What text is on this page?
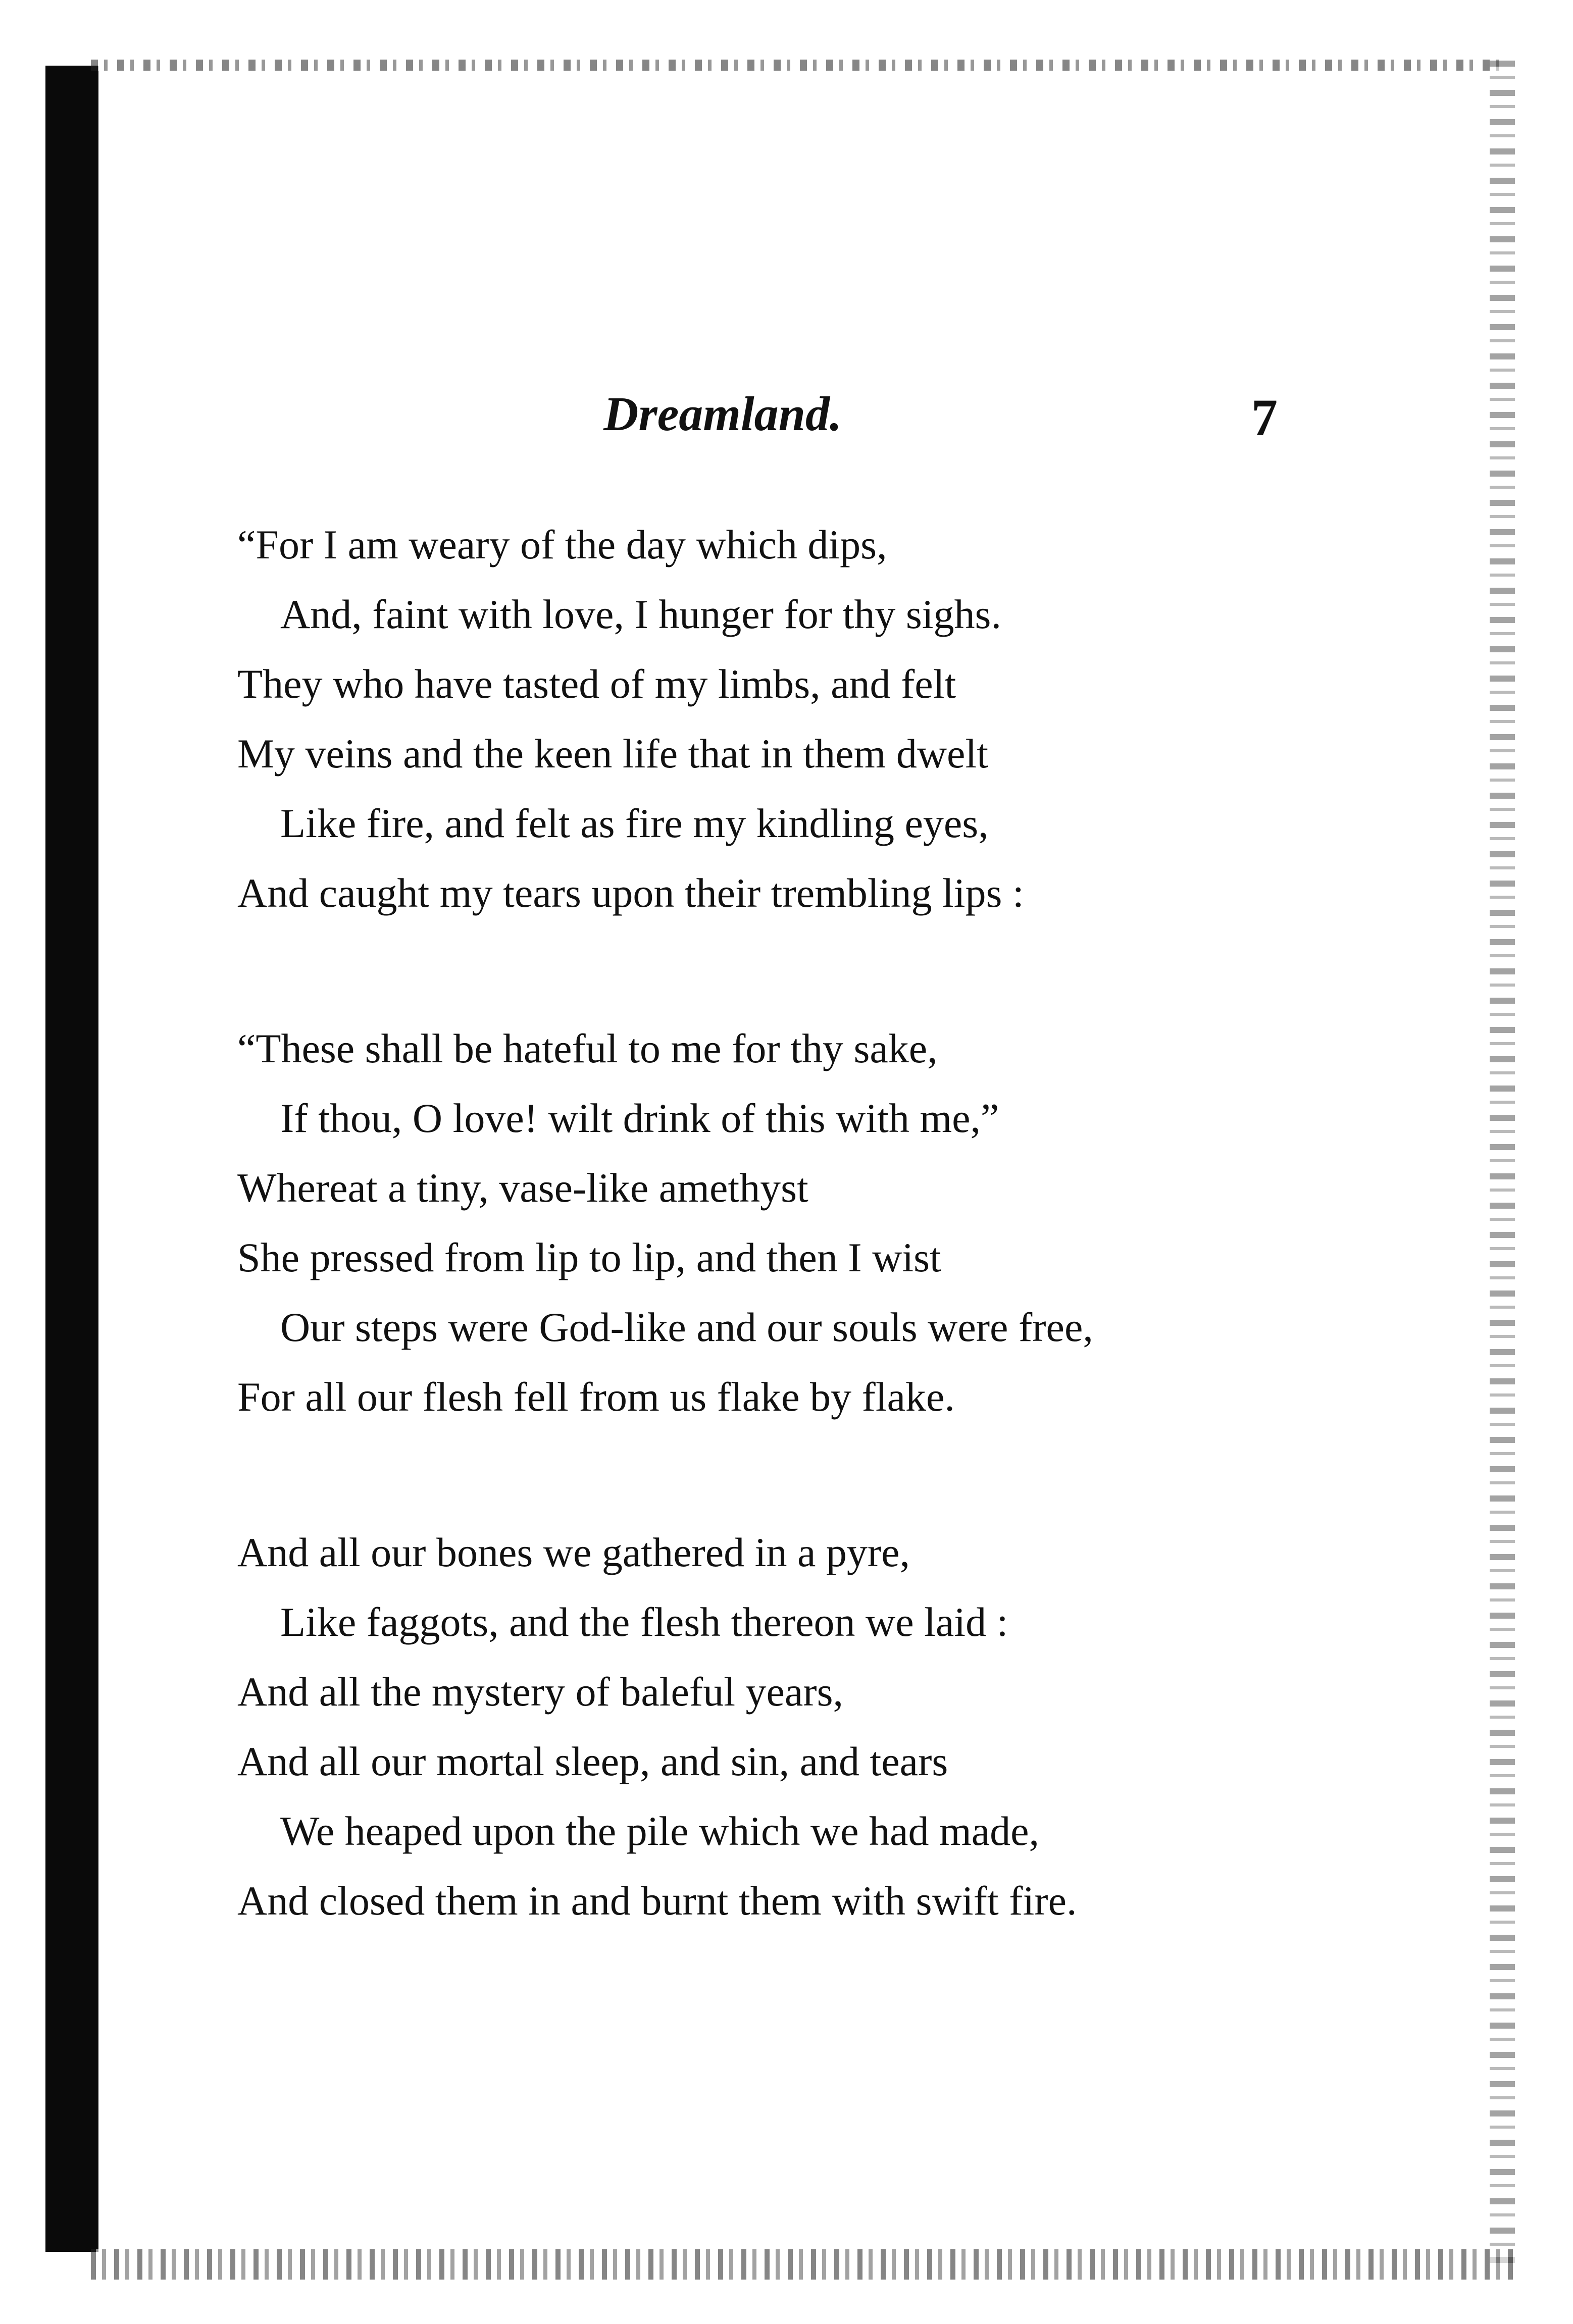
Dreamland.	7
“For I am weary of the day which dips,
And, faint with love, I hunger for thy sighs.
They who have tasted of my limbs, and felt
My veins and the keen life that in them dwelt
Like fire, and felt as fire my kindling eyes,
And caught my tears upon their trembling lips :
“These shall be hateful to me for thy sake,
If thou, O love! wilt drink of this with me,”
Whereat a tiny, vase-like amethyst
She pressed from lip to lip, and then I wist
Our steps were God-like and our souls were free,
For all our flesh fell from us flake by flake.
And all our bones we gathered in a pyre,
Like faggots, and the flesh thereon we laid :
And all the mystery of baleful years,
And all our mortal sleep, and sin, and tears
We heaped upon the pile which we had made,
And closed them in and burnt them with swift fire.
